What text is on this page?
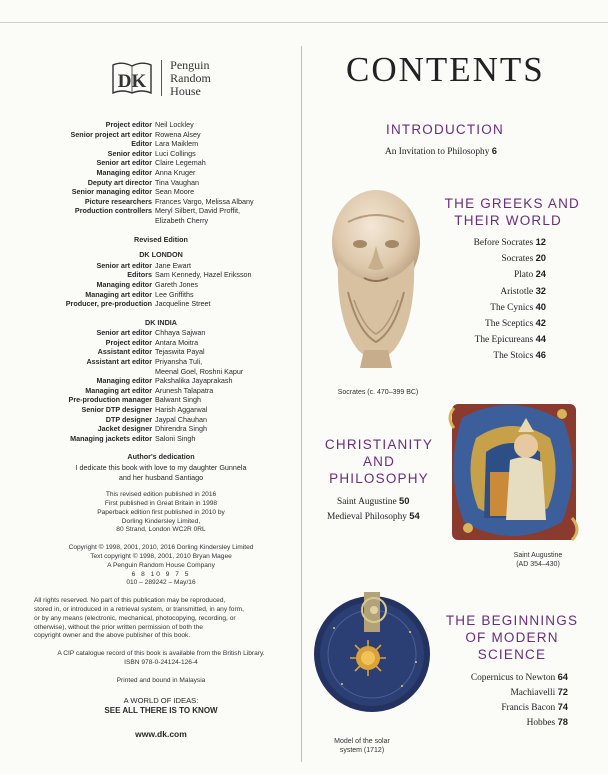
DK
Penguin
Random
House
Project editor Neil Lockley
Senior project art editor Rowena Alsey
Editor Lara Maiklem
Senior editor Luci Collings
Senior art editor Claire Legemah
Managing editor Anna Kruger
Deputy art director Tina Vaughan
Senior managing editor Sean Moore
Picture researchers Frances Vargo, Melissa Albany
Production controllers Meryl Silbert, David Proffit,
Elizabeth Cherry
Revised Edition
DK LONDON
Senior art editor Jane Ewart
Editors Sam Kennedy, Hazel Eriksson
Managing editor Gareth Jones
Managing art editor Lee Griffiths
Producer, pre-production Jacqueline Street
DK INDIA
Senior art editor Chhaya Sajwan
Project editor Antara Moitra
Assistant editor Tejaswita Payal
Assistant art editor Priyansha Tuli,
Meenal Goel, Roshni Kapur
Managing editor Pakshalika Jayaprakash
Managing art editor Arunesh Talapatra
Pre-production manager Balwant Singh
Senior DTP designer Harish Aggarwal
DTP designer Jaypal Chauhan
Jacket designer Dhirendra Singh
Managing jackets editor Saloni Singh
Author's dedication
I dedicate this book with love to my daughter Gunnela
and her husband Santiago
This revised edition published in 2016
First published in Great Britain in 1998
Paperback edition first published in 2010 by
Dorling Kindersley Limited,
80 Strand, London WC2R 0RL
Copyright © 1998, 2001, 2010, 2016 Dorling Kindersley Limited
Text copyright © 1998, 2001, 2010 Bryan Magee
A Penguin Random House Company
6 8 10 9 7 5
010 – 289242 – May/16
All rights reserved. No part of this publication may be reproduced,
stored in, or introduced in a retrieval system, or transmitted, in any form,
or by any means (electronic, mechanical, photocopying, recording, or
otherwise), without the prior written permission of both the
copyright owner and the above publisher of this book.
A CIP catalogue record of this book is available from the British Library.
ISBN 978-0-24124-126-4
Printed and bound in Malaysia
A WORLD OF IDEAS:
SEE ALL THERE IS TO KNOW
www.dk.com
CONTENTS
INTRODUCTION
An Invitation to Philosophy 6
Socrates (c. 470–399 BC)
THE GREEKS AND
THEIR WORLD
Before Socrates 12
Socrates 20
Plato 24
Aristotle 32
The Cynics 40
The Sceptics 42
The Epicureans 44
The Stoics 46
CHRISTIANITY
AND
PHILOSOPHY
Saint Augustine 50
Medieval Philosophy 54
Saint Augustine
(AD 354–430)
Model of the solar
system (1712)
THE BEGINNINGS
OF MODERN
SCIENCE
Copernicus to Newton 64
Machiavelli 72
Francis Bacon 74
Hobbes 78
